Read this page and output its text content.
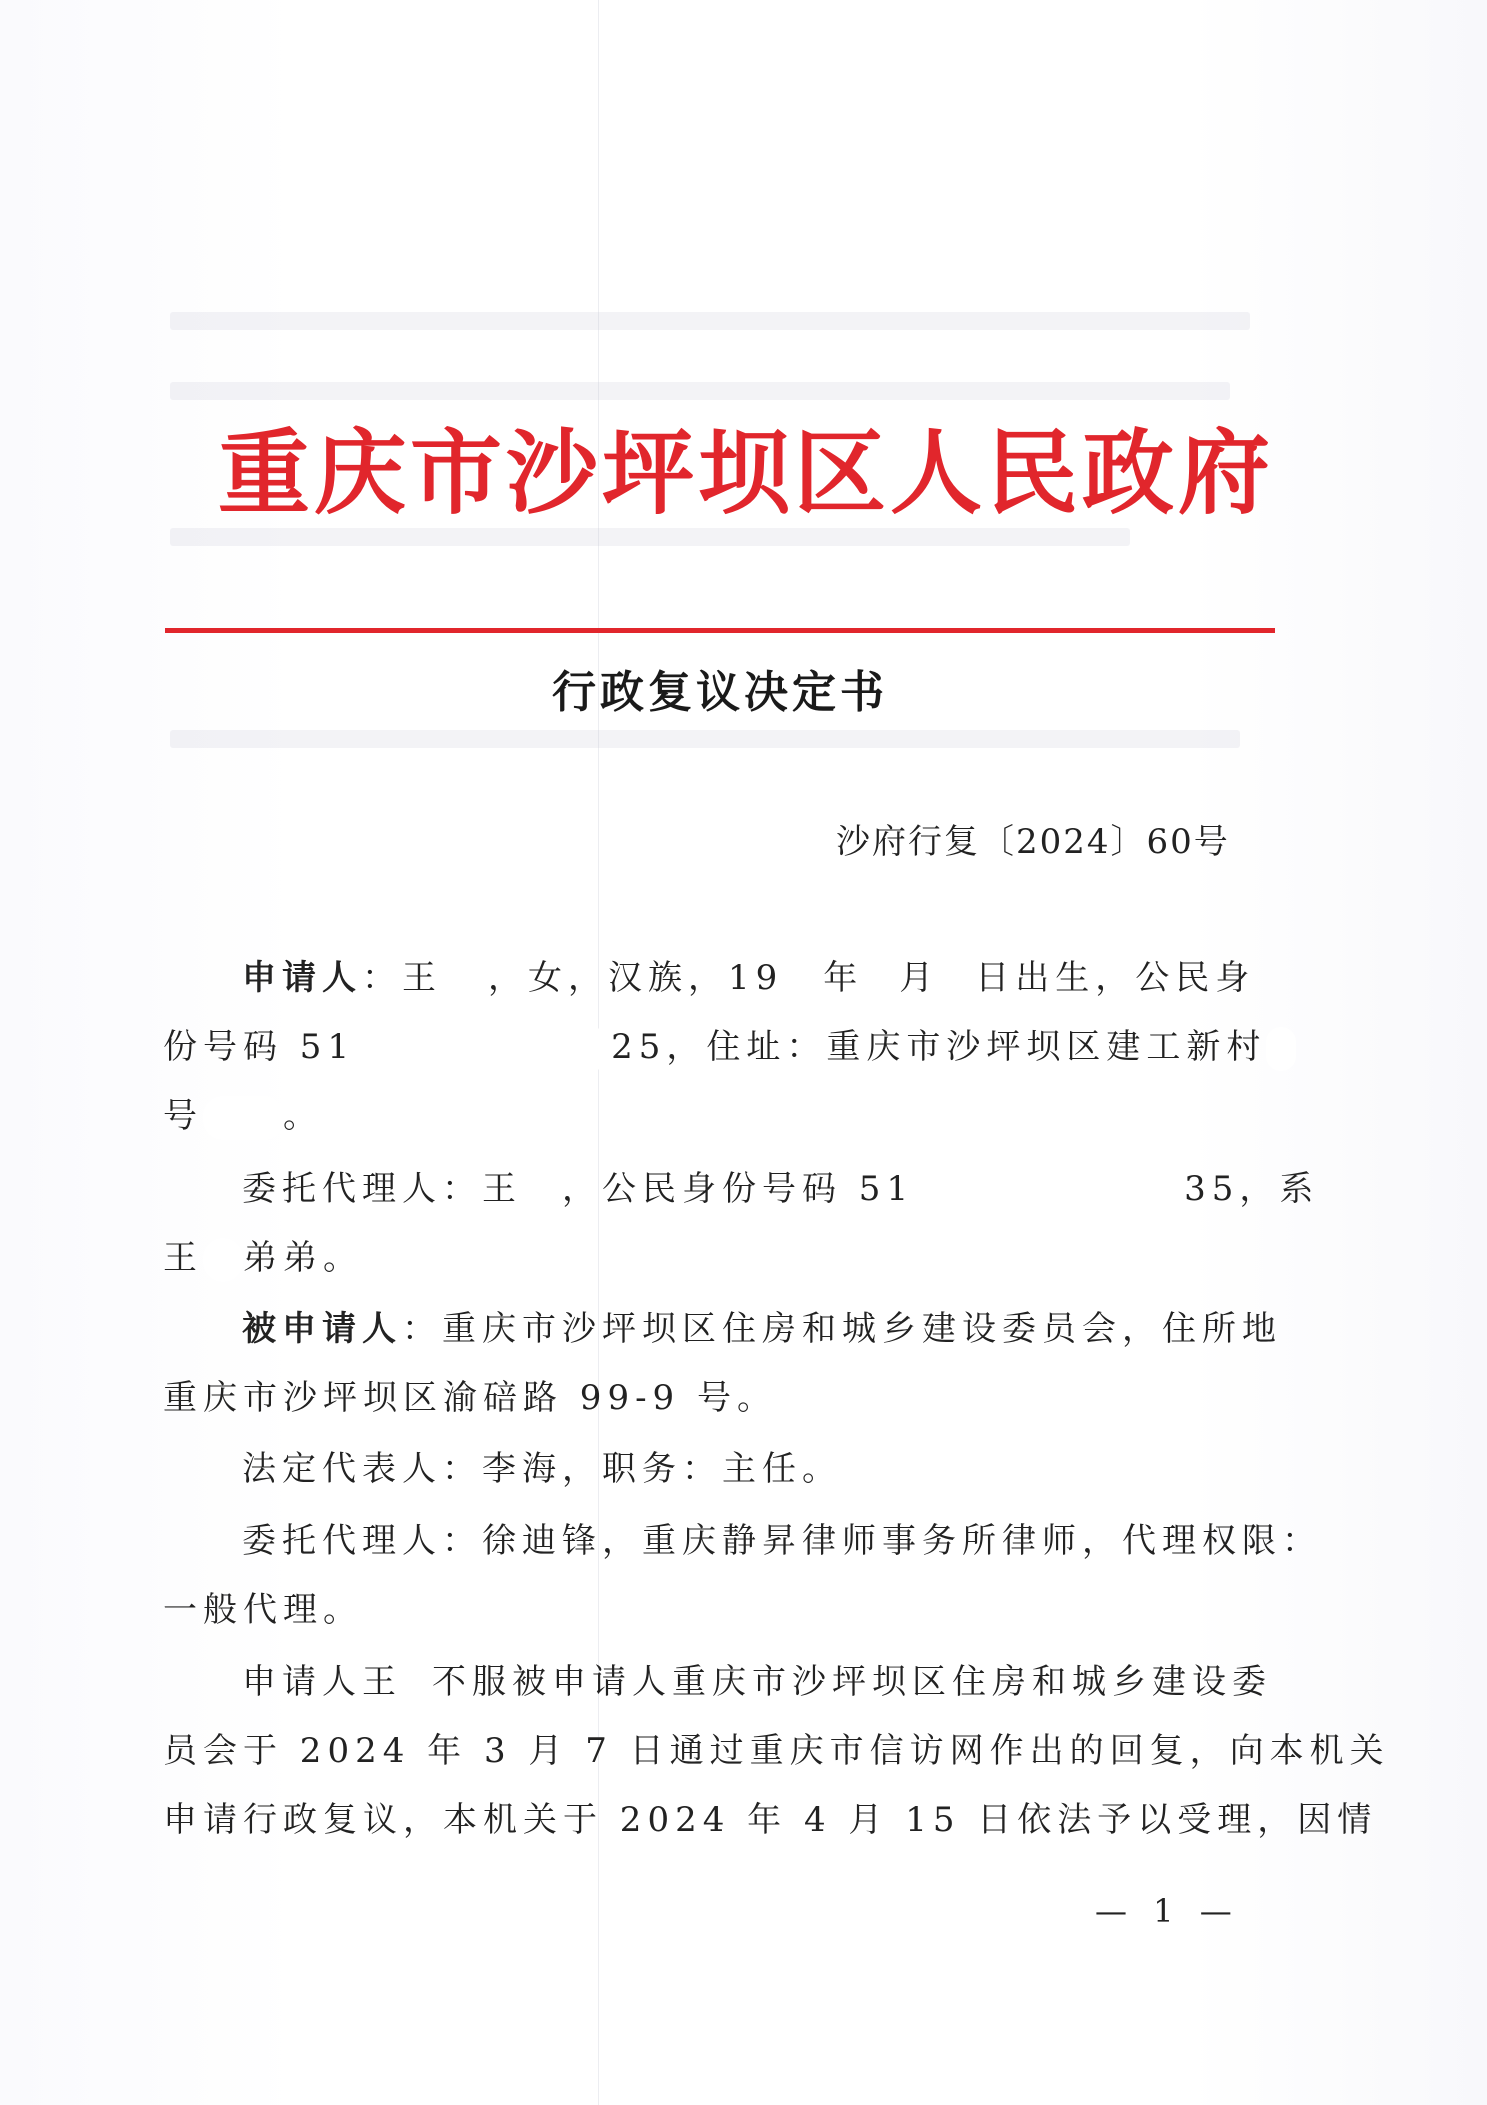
重庆市沙坪坝区人民政府
行政复议决定书
沙府行复〔2024〕60号
申请人：王 ，女，汉族，19 年 月 日出生，公民身
份号码 51	25，住址：重庆市沙坪坝区建工新村
号 。
委托代理人：王 ，公民身份号码 51	35，系
王 弟弟。
被申请人：重庆市沙坪坝区住房和城乡建设委员会，住所地
重庆市沙坪坝区渝碚路 99-9 号。
法定代表人：李海，职务：主任。
委托代理人：徐迪锋，重庆静昇律师事务所律师，代理权限：
一般代理。
申请人王 不服被申请人重庆市沙坪坝区住房和城乡建设委
员会于 2024 年 3 月 7 日通过重庆市信访网作出的回复，向本机关
申请行政复议，本机关于 2024 年 4 月 15 日依法予以受理，因情
— 1 —
